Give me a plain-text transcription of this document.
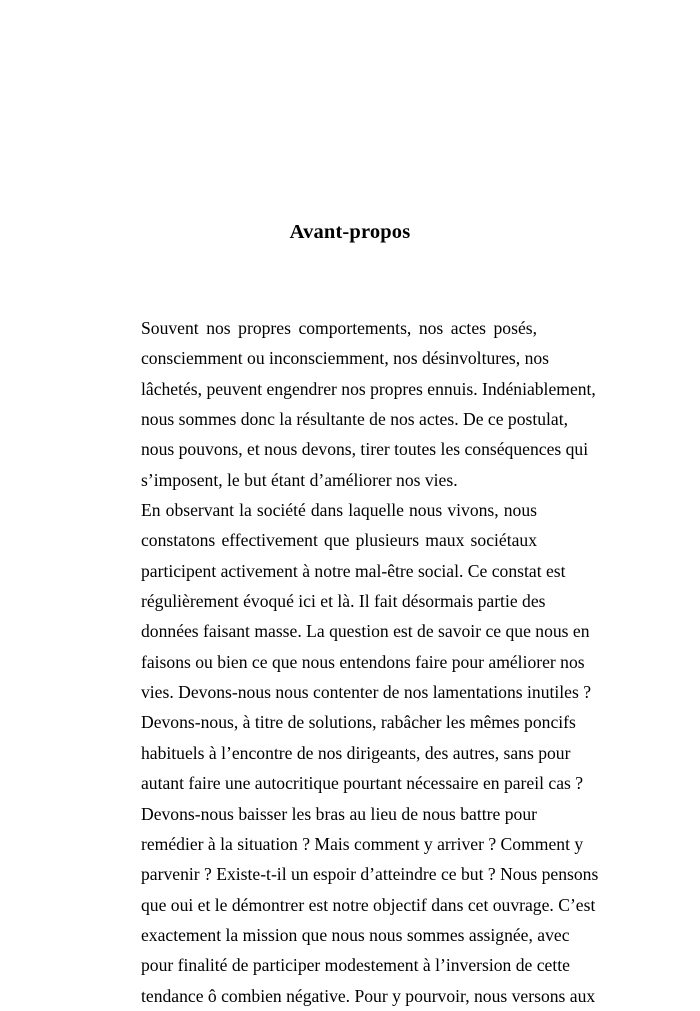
Avant-propos

Souvent nos propres comportements, nos actes posés,
consciemment ou inconsciemment, nos désinvoltures, nos
lâchetés, peuvent engendrer nos propres ennuis. Indéniablement,
nous sommes donc la résultante de nos actes. De ce postulat,
nous pouvons, et nous devons, tirer toutes les conséquences qui
s’imposent, le but étant d’améliorer nos vies.

En observant la société dans laquelle nous vivons, nous
constatons effectivement que plusieurs maux sociétaux
participent activement à notre mal-être social. Ce constat est
régulièrement évoqué ici et là. Il fait désormais partie des
données faisant masse. La question est de savoir ce que nous en
faisons ou bien ce que nous entendons faire pour améliorer nos
vies. Devons-nous nous contenter de nos lamentations inutiles ?
Devons-nous, à titre de solutions, rabâcher les mêmes poncifs
habituels à l’encontre de nos dirigeants, des autres, sans pour
autant faire une autocritique pourtant nécessaire en pareil cas ?
Devons-nous baisser les bras au lieu de nous battre pour
remédier à la situation ? Mais comment y arriver ? Comment y
parvenir ? Existe-t-il un espoir d’atteindre ce but ? Nous pensons
que oui et le démontrer est notre objectif dans cet ouvrage. C’est
exactement la mission que nous nous sommes assignée, avec
pour finalité de participer modestement à l’inversion de cette
tendance ô combien négative. Pour y pourvoir, nous versons aux
